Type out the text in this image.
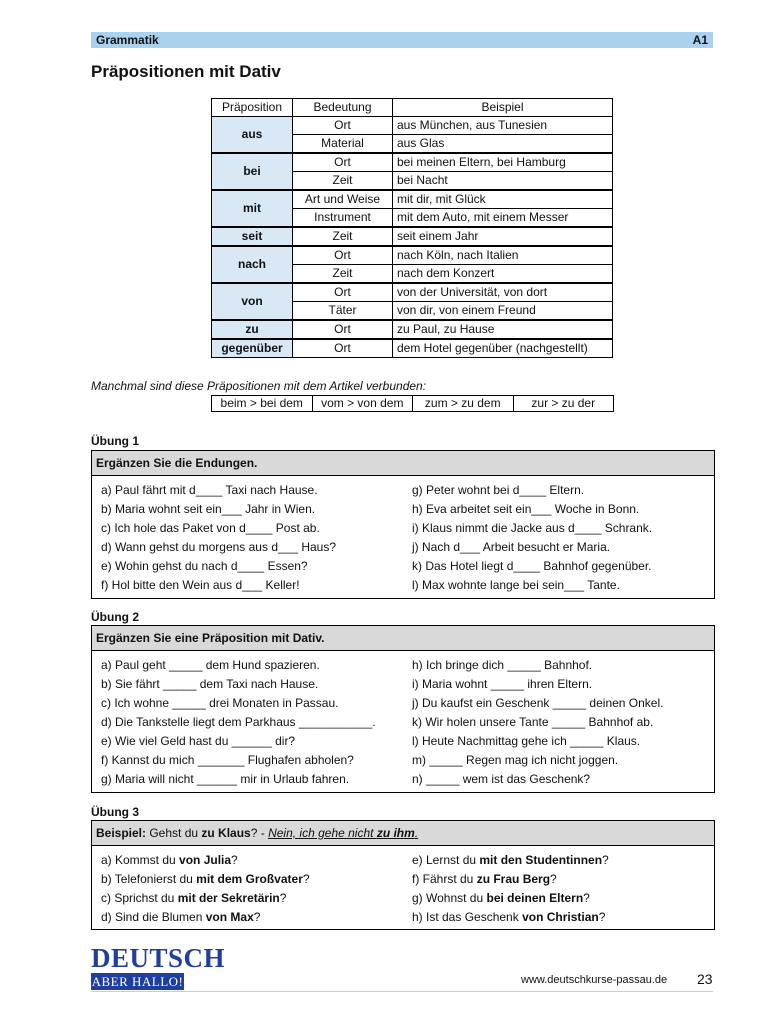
Grammatik	A1
Präpositionen mit Dativ
Präposition	Bedeutung	Beispiel
aus	Ort	aus München, aus Tunesien
	Material	aus Glas
bei	Ort	bei meinen Eltern, bei Hamburg
	Zeit	bei Nacht
mit	Art und Weise	mit dir, mit Glück
	Instrument	mit dem Auto, mit einem Messer
seit	Zeit	seit einem Jahr
nach	Ort	nach Köln, nach Italien
	Zeit	nach dem Konzert
von	Ort	von der Universität, von dort
	Täter	von dir, von einem Freund
zu	Ort	zu Paul, zu Hause
gegenüber	Ort	dem Hotel gegenüber (nachgestellt)
Manchmal sind diese Präpositionen mit dem Artikel verbunden:
beim > bei dem	vom > von dem	zum > zu dem	zur > zu der
Übung 1
Ergänzen Sie die Endungen.
a) Paul fährt mit d____ Taxi nach Hause.
b) Maria wohnt seit ein___ Jahr in Wien.
c) Ich hole das Paket von d____ Post ab.
d) Wann gehst du morgens aus d___ Haus?
e) Wohin gehst du nach d____ Essen?
f) Hol bitte den Wein aus d___ Keller!
g) Peter wohnt bei d____ Eltern.
h) Eva arbeitet seit ein___ Woche in Bonn.
i) Klaus nimmt die Jacke aus d____ Schrank.
j) Nach d___ Arbeit besucht er Maria.
k) Das Hotel liegt d____ Bahnhof gegenüber.
l) Max wohnte lange bei sein___ Tante.
Übung 2
Ergänzen Sie eine Präposition mit Dativ.
a) Paul geht _____ dem Hund spazieren.
b) Sie fährt _____ dem Taxi nach Hause.
c) Ich wohne _____ drei Monaten in Passau.
d) Die Tankstelle liegt dem Parkhaus ___________.
e) Wie viel Geld hast du ______ dir?
f) Kannst du mich _______ Flughafen abholen?
g) Maria will nicht ______ mir in Urlaub fahren.
h) Ich bringe dich _____ Bahnhof.
i) Maria wohnt _____ ihren Eltern.
j) Du kaufst ein Geschenk _____ deinen Onkel.
k) Wir holen unsere Tante _____ Bahnhof ab.
l) Heute Nachmittag gehe ich _____ Klaus.
m) _____ Regen mag ich nicht joggen.
n) _____ wem ist das Geschenk?
Übung 3
Beispiel: Gehst du zu Klaus? - Nein, ich gehe nicht zu ihm.
a) Kommst du von Julia?
b) Telefonierst du mit dem Großvater?
c) Sprichst du mit der Sekretärin?
d) Sind die Blumen von Max?
e) Lernst du mit den Studentinnen?
f) Fährst du zu Frau Berg?
g) Wohnst du bei deinen Eltern?
h) Ist das Geschenk von Christian?
DEUTSCH
ABER HALLO!	www.deutschkurse-passau.de 23
